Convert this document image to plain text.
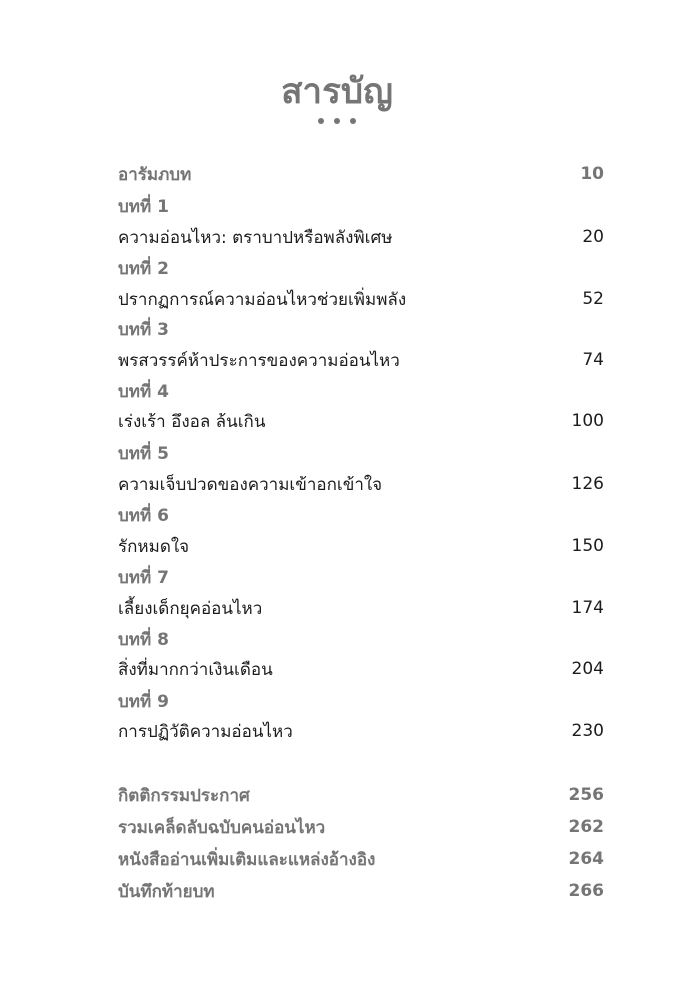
สารบัญ
อารัมภบท	10
บทที่ 1
ความอ่อนไหว: ตราบาปหรือพลังพิเศษ	20
บทที่ 2
ปรากฏการณ์ความอ่อนไหวช่วยเพิ่มพลัง	52
บทที่ 3
พรสวรรค์ห้าประการของความอ่อนไหว	74
บทที่ 4
เร่งเร้า อึงอล ล้นเกิน	100
บทที่ 5
ความเจ็บปวดของความเข้าอกเข้าใจ	126
บทที่ 6
รักหมดใจ	150
บทที่ 7
เลี้ยงเด็กยุคอ่อนไหว	174
บทที่ 8
สิ่งที่มากกว่าเงินเดือน	204
บทที่ 9
การปฏิวัติความอ่อนไหว	230
กิตติกรรมประกาศ	256
รวมเคล็ดลับฉบับคนอ่อนไหว	262
หนังสืออ่านเพิ่มเติมและแหล่งอ้างอิง	264
บันทึกท้ายบท	266
